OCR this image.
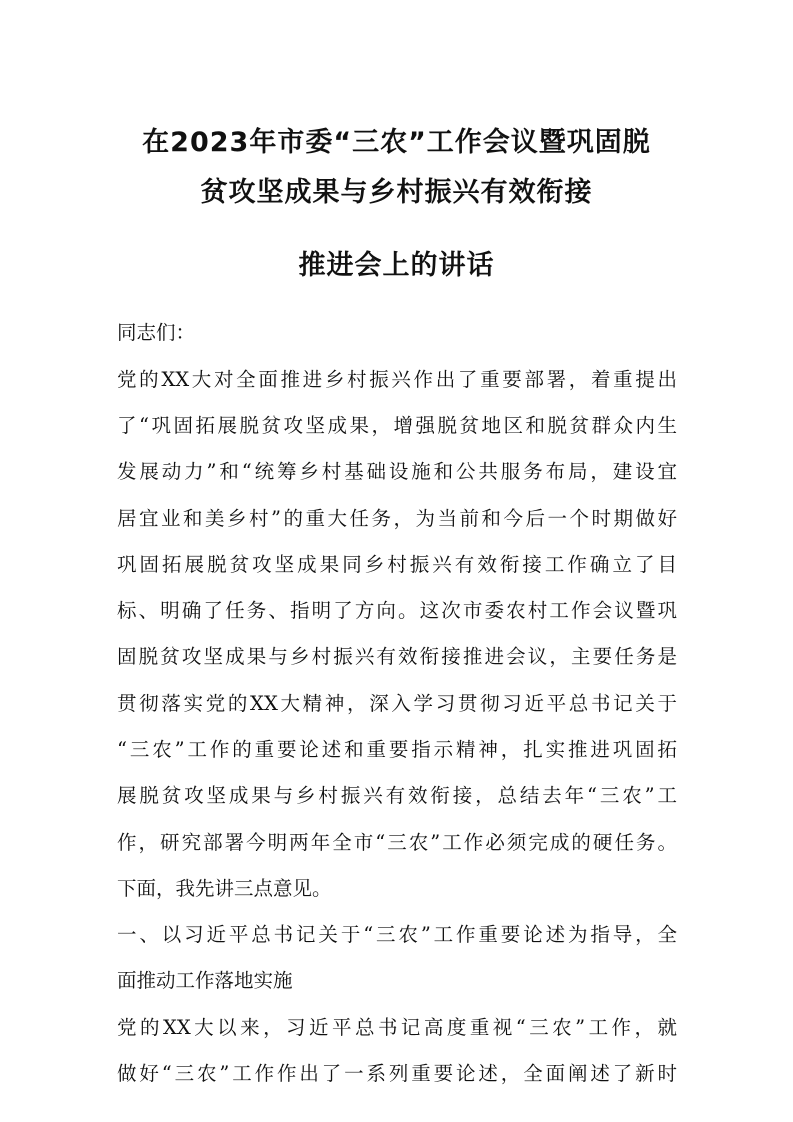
在2023年市委“三农”工作会议暨巩固脱
贫攻坚成果与乡村振兴有效衔接
推进会上的讲话
同志们：
党的XX大对全面推进乡村振兴作出了重要部署，着重提出
了“巩固拓展脱贫攻坚成果，增强脱贫地区和脱贫群众内生
发展动力”和“统筹乡村基础设施和公共服务布局，建设宜
居宜业和美乡村”的重大任务，为当前和今后一个时期做好
巩固拓展脱贫攻坚成果同乡村振兴有效衔接工作确立了目
标、明确了任务、指明了方向。这次市委农村工作会议暨巩
固脱贫攻坚成果与乡村振兴有效衔接推进会议，主要任务是
贯彻落实党的XX大精神，深入学习贯彻习近平总书记关于
“三农”工作的重要论述和重要指示精神，扎实推进巩固拓
展脱贫攻坚成果与乡村振兴有效衔接，总结去年“三农”工
作，研究部署今明两年全市“三农”工作必须完成的硬任务。
下面，我先讲三点意见。
一、以习近平总书记关于“三农”工作重要论述为指导，全
面推动工作落地实施
党的XX大以来，习近平总书记高度重视“三农”工作，就
做好“三农”工作作出了一系列重要论述，全面阐述了新时
